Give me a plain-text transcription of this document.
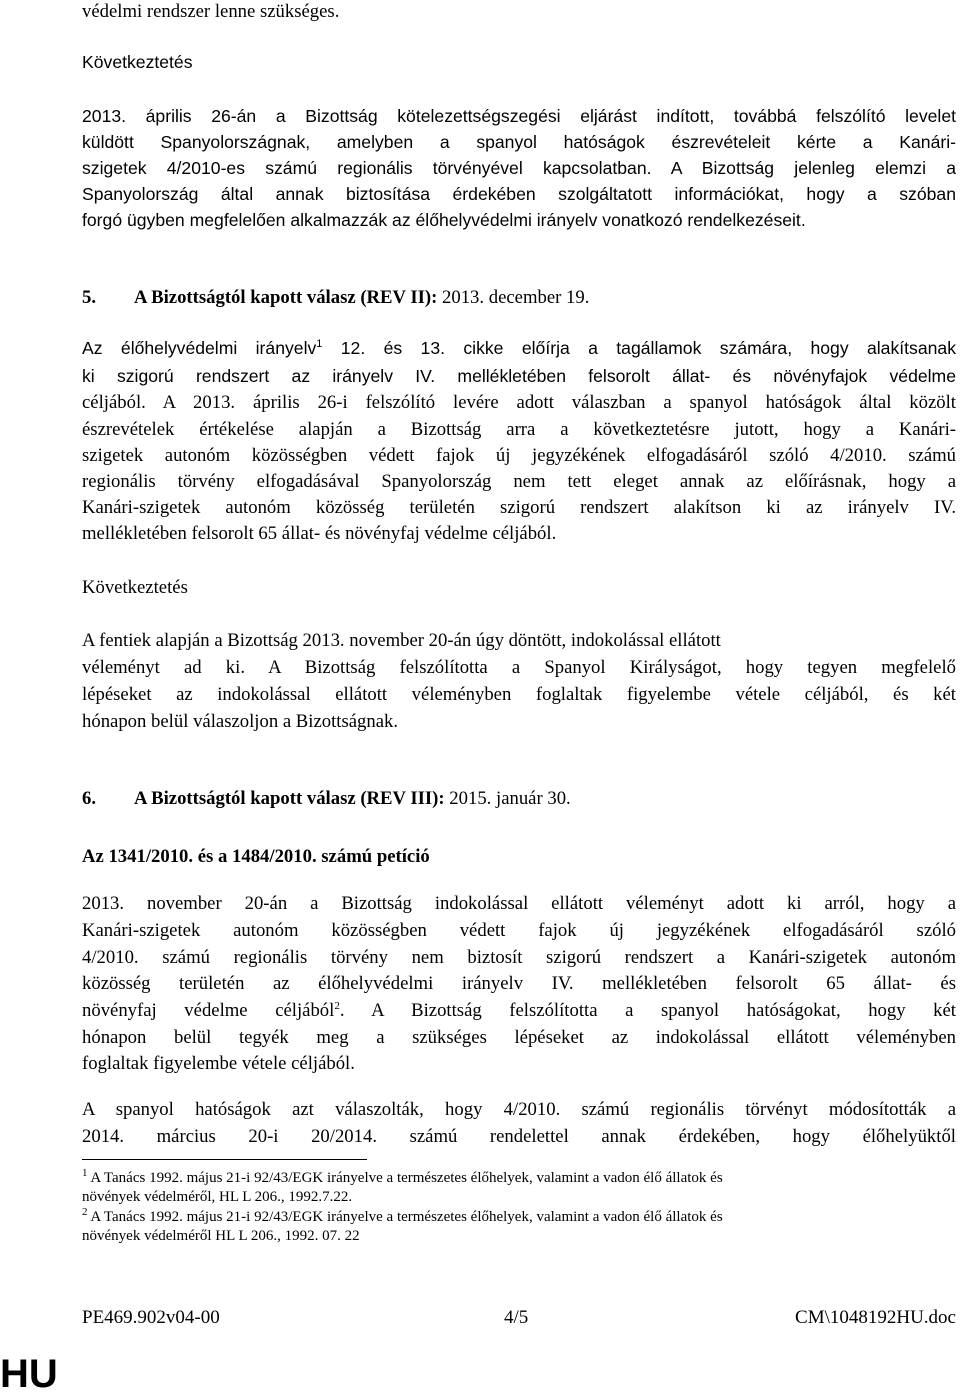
védelmi rendszer lenne szükséges.
Következtetés
2013. április 26-án a Bizottság kötelezettségszegési eljárást indított, továbbá felszólító levelet
küldött Spanyolországnak, amelyben a spanyol hatóságok észrevételeit kérte a Kanári-
szigetek 4/2010-es számú regionális törvényével kapcsolatban. A Bizottság jelenleg elemzi a
Spanyolország által annak biztosítása érdekében szolgáltatott információkat, hogy a szóban
forgó ügyben megfelelően alkalmazzák az élőhelyvédelmi irányelv vonatkozó rendelkezéseit.
5. A Bizottságtól kapott válasz (REV II): 2013. december 19.
Az élőhelyvédelmi irányelv$^1$ 12. és 13. cikke előírja a tagállamok számára, hogy alakítsanak
ki szigorú rendszert az irányelv IV. mellékletében felsorolt állat- és növényfajok védelme
céljából. A 2013. április 26-i felszólító levére adott válaszban a spanyol hatóságok által közölt
észrevételek értékelése alapján a Bizottság arra a következtetésre jutott, hogy a Kanári-
szigetek autonóm közösségben védett fajok új jegyzékének elfogadásáról szóló 4/2010. számú
regionális törvény elfogadásával Spanyolország nem tett eleget annak az előírásnak, hogy a
Kanári-szigetek autonóm közösség területén szigorú rendszert alakítson ki az irányelv IV.
mellékletében felsorolt 65 állat- és növényfaj védelme céljából.
Következtetés
A fentiek alapján a Bizottság 2013. november 20-án úgy döntött, indokolással ellátott
véleményt ad ki. A Bizottság felszólította a Spanyol Királyságot, hogy tegyen megfelelő
lépéseket az indokolással ellátott véleményben foglaltak figyelembe vétele céljából, és két
hónapon belül válaszoljon a Bizottságnak.
6. A Bizottságtól kapott válasz (REV III): 2015. január 30.
Az 1341/2010. és a 1484/2010. számú petíció
2013. november 20-án a Bizottság indokolással ellátott véleményt adott ki arról, hogy a
Kanári-szigetek autonóm közösségben védett fajok új jegyzékének elfogadásáról szóló
4/2010. számú regionális törvény nem biztosít szigorú rendszert a Kanári-szigetek autonóm
közösség területén az élőhelyvédelmi irányelv IV. mellékletében felsorolt 65 állat- és
növényfaj védelme céljából$^2$. A Bizottság felszólította a spanyol hatóságokat, hogy két
hónapon belül tegyék meg a szükséges lépéseket az indokolással ellátott véleményben
foglaltak figyelembe vétele céljából.
A spanyol hatóságok azt válaszolták, hogy 4/2010. számú regionális törvényt módosították a
2014. március 20-i 20/2014. számú rendelettel annak érdekében, hogy élőhelyüktől
$^1$ A Tanács 1992. május 21-i 92/43/EGK irányelve a természetes élőhelyek, valamint a vadon élő állatok és
növények védelméről, HL L 206., 1992.7.22.
$^2$ A Tanács 1992. május 21-i 92/43/EGK irányelve a természetes élőhelyek, valamint a vadon élő állatok és
növények védelméről HL L 206., 1992. 07. 22
PE469.902v04-00	4/5	CM\1048192HU.doc
HU
